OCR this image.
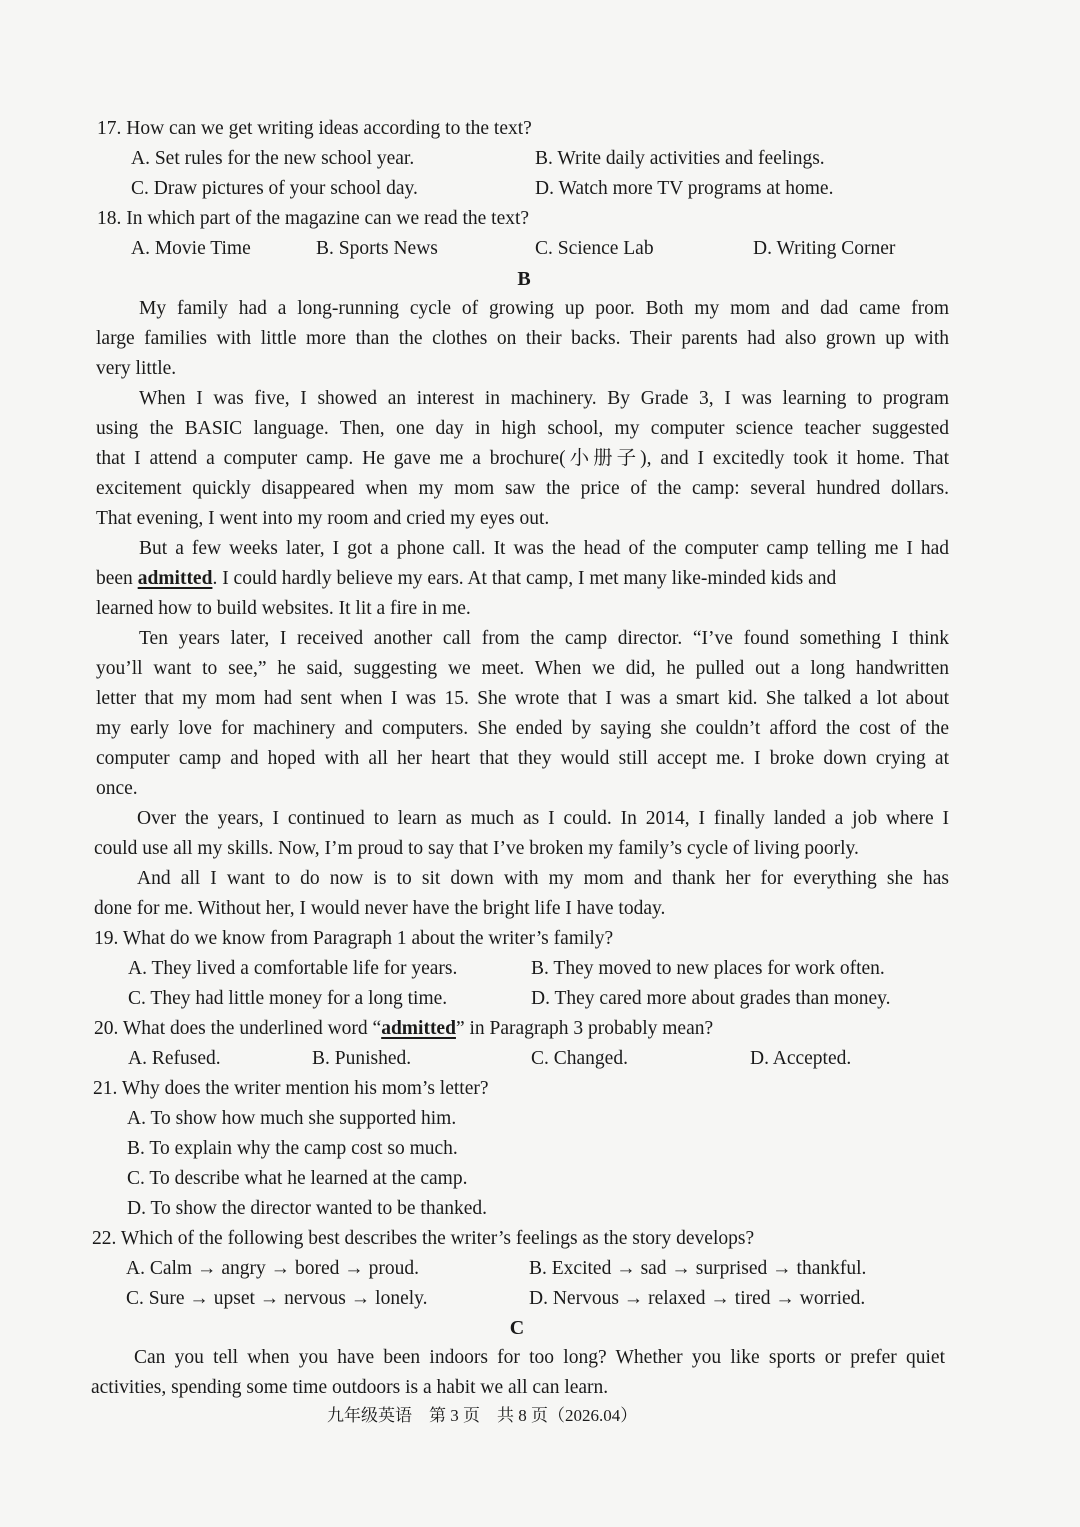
17. How can we get writing ideas according to the text?
A. Set rules for the new school year.	B. Write daily activities and feelings.
C. Draw pictures of your school day.	D. Watch more TV programs at home.
18. In which part of the magazine can we read the text?
A. Movie Time	B. Sports News	C. Science Lab	D. Writing Corner
B
My family had a long-running cycle of growing up poor. Both my mom and dad came from
large families with little more than the clothes on their backs. Their parents had also grown up with
very little.
When I was five, I showed an interest in machinery. By Grade 3, I was learning to program
using the BASIC language. Then, one day in high school, my computer science teacher suggested
that I attend a computer camp. He gave me a brochure(小册子), and I excitedly took it home. That
excitement quickly disappeared when my mom saw the price of the camp: several hundred dollars.
That evening, I went into my room and cried my eyes out.
But a few weeks later, I got a phone call. It was the head of the computer camp telling me I had
been admitted. I could hardly believe my ears. At that camp, I met many like-minded kids and
learned how to build websites. It lit a fire in me.
Ten years later, I received another call from the camp director. “I’ve found something I think
you’ll want to see,” he said, suggesting we meet. When we did, he pulled out a long handwritten
letter that my mom had sent when I was 15. She wrote that I was a smart kid. She talked a lot about
my early love for machinery and computers. She ended by saying she couldn’t afford the cost of the
computer camp and hoped with all her heart that they would still accept me. I broke down crying at
once.
Over the years, I continued to learn as much as I could. In 2014, I finally landed a job where I
could use all my skills. Now, I’m proud to say that I’ve broken my family’s cycle of living poorly.
And all I want to do now is to sit down with my mom and thank her for everything she has
done for me. Without her, I would never have the bright life I have today.
19. What do we know from Paragraph 1 about the writer’s family?
A. They lived a comfortable life for years.	B. They moved to new places for work often.
C. They had little money for a long time.	D. They cared more about grades than money.
20. What does the underlined word “admitted” in Paragraph 3 probably mean?
A. Refused.	B. Punished.	C. Changed.	D. Accepted.
21. Why does the writer mention his mom’s letter?
A. To show how much she supported him.
B. To explain why the camp cost so much.
C. To describe what he learned at the camp.
D. To show the director wanted to be thanked.
22. Which of the following best describes the writer’s feelings as the story develops?
A. Calm → angry → bored → proud.	B. Excited → sad → surprised → thankful.
C. Sure → upset → nervous → lonely.	D. Nervous → relaxed → tired → worried.
C
Can you tell when you have been indoors for too long? Whether you like sports or prefer quiet
activities, spending some time outdoors is a habit we all can learn.
九年级英语　第 3 页　共 8 页（2026.04）
